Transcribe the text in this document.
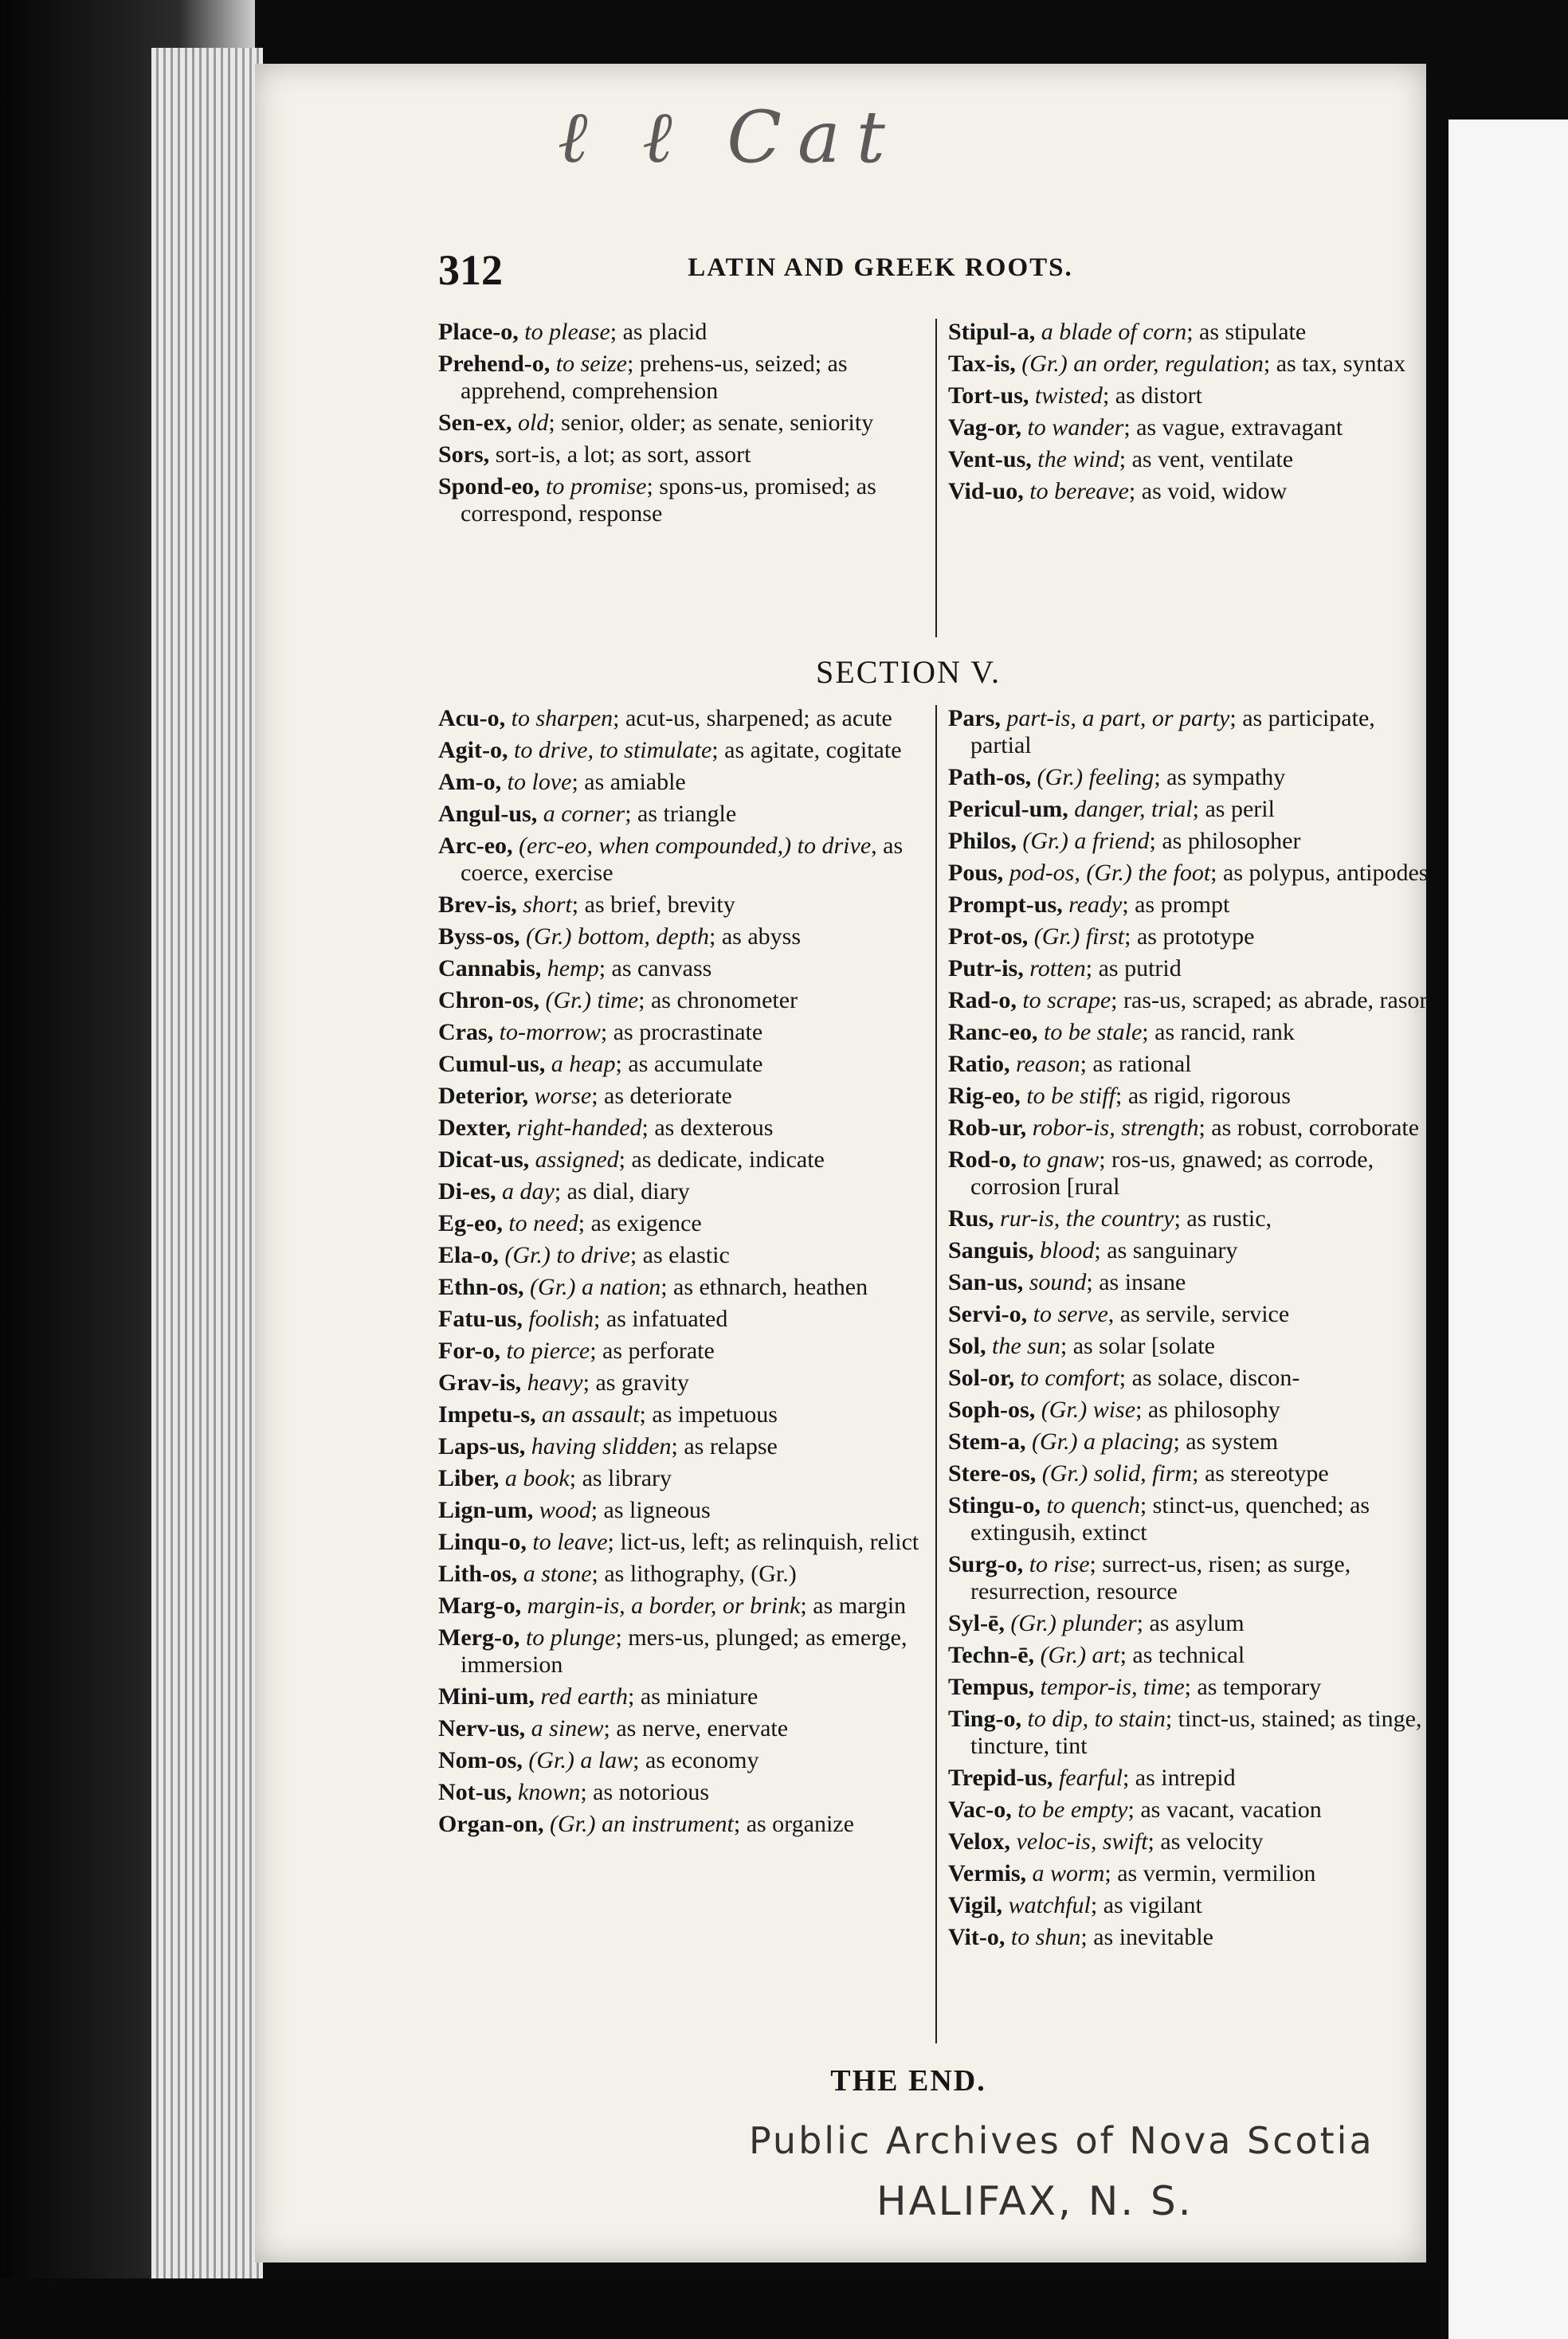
ℓ ℓ Cat
312	LATIN AND GREEK ROOTS.
Place-o, to please; as placid
Prehend-o, to seize; prehens-us, seized; as apprehend, comprehension
Sen-ex, old; senior, older; as senate, seniority
Sors, sort-is, a lot; as sort, assort
Spond-eo, to promise; spons-us, promised; as correspond, response
Stipul-a, a blade of corn; as stipulate
Tax-is, (Gr.) an order, regulation; as tax, syntax
Tort-us, twisted; as distort
Vag-or, to wander; as vague, extravagant
Vent-us, the wind; as vent, ventilate
Vid-uo, to bereave; as void, widow
SECTION V.
Acu-o, to sharpen; acut-us, sharpened; as acute
Agit-o, to drive, to stimulate; as agitate, cogitate
Am-o, to love; as amiable
Angul-us, a corner; as triangle
Arc-eo, (erc-eo, when compounded,) to drive, as coerce, exercise
Brev-is, short; as brief, brevity
Byss-os, (Gr.) bottom, depth; as abyss
Cannabis, hemp; as canvass
Chron-os, (Gr.) time; as chronometer
Cras, to-morrow; as procrastinate
Cumul-us, a heap; as accumulate
Deterior, worse; as deteriorate
Dexter, right-handed; as dexterous
Dicat-us, assigned; as dedicate, indicate
Di-es, a day; as dial, diary
Eg-eo, to need; as exigence
Ela-o, (Gr.) to drive; as elastic
Ethn-os, (Gr.) a nation; as ethnarch, heathen
Fatu-us, foolish; as infatuated
For-o, to pierce; as perforate
Grav-is, heavy; as gravity
Impetu-s, an assault; as impetuous
Laps-us, having slidden; as relapse
Liber, a book; as library
Lign-um, wood; as ligneous
Linqu-o, to leave; lict-us, left; as relinquish, relict
Lith-os, a stone; as lithography, (Gr.)
Marg-o, margin-is, a border, or brink; as margin
Merg-o, to plunge; mers-us, plunged; as emerge, immersion
Mini-um, red earth; as miniature
Nerv-us, a sinew; as nerve, enervate
Nom-os, (Gr.) a law; as economy
Not-us, known; as notorious
Organ-on, (Gr.) an instrument; as organize
Pars, part-is, a part, or party; as participate, partial
Path-os, (Gr.) feeling; as sympathy
Pericul-um, danger, trial; as peril
Philos, (Gr.) a friend; as philosopher
Pous, pod-os, (Gr.) the foot; as polypus, antipodes
Prompt-us, ready; as prompt
Prot-os, (Gr.) first; as prototype
Putr-is, rotten; as putrid
Rad-o, to scrape; ras-us, scraped; as abrade, rasor
Ranc-eo, to be stale; as rancid, rank
Ratio, reason; as rational
Rig-eo, to be stiff; as rigid, rigorous
Rob-ur, robor-is, strength; as robust, corroborate
Rod-o, to gnaw; ros-us, gnawed; as corrode, corrosion [rural
Rus, rur-is, the country; as rustic,
Sanguis, blood; as sanguinary
San-us, sound; as insane
Servi-o, to serve, as servile, service
Sol, the sun; as solar [solate
Sol-or, to comfort; as solace, discon-
Soph-os, (Gr.) wise; as philosophy
Stem-a, (Gr.) a placing; as system
Stere-os, (Gr.) solid, firm; as stereotype
Stingu-o, to quench; stinct-us, quenched; as extingusih, extinct
Surg-o, to rise; surrect-us, risen; as surge, resurrection, resource
Syl-ē, (Gr.) plunder; as asylum
Techn-ē, (Gr.) art; as technical
Tempus, tempor-is, time; as temporary
Ting-o, to dip, to stain; tinct-us, stained; as tinge, tincture, tint
Trepid-us, fearful; as intrepid
Vac-o, to be empty; as vacant, vacation
Velox, veloc-is, swift; as velocity
Vermis, a worm; as vermin, vermilion
Vigil, watchful; as vigilant
Vit-o, to shun; as inevitable
THE END.
Public Archives of Nova Scotia
HALIFAX, N. S.
